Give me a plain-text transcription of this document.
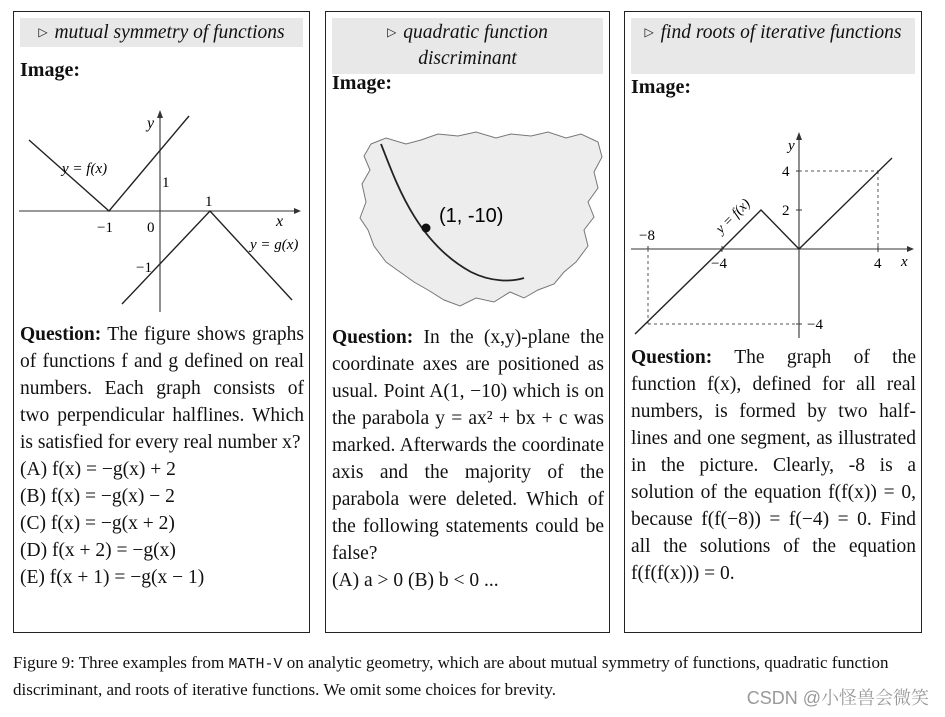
▷ mutual symmetry of functions
Image:
y
x
y = f(x)
y = g(x)
−1 0
1
1
−1
Question: The figure shows graphs of functions f and g defined on real numbers. Each graph consists of two perpendicular halflines. Which is satisfied for every real number x?
(A) f(x) = −g(x) + 2
(B) f(x) = −g(x) − 2
(C) f(x) = −g(x + 2)
(D) f(x + 2) = −g(x)
(E) f(x + 1) = −g(x − 1)
▷ quadratic function discriminant
Image:
(1, -10)
Question: In the (x,y)-plane the coordinate axes are positioned as usual. Point A(1, −10) which is on the parabola y = ax² + bx + c was marked. Afterwards the coordinate axis and the majority of the parabola were deleted. Which of the following statements could be false?
(A) a > 0 (B) b < 0 ...
▷ find roots of iterative functions
Image:
y
x
y = f(x)
−8
−4	4
4
2
−4
Question: The graph of the function f(x), defined for all real numbers, is formed by two half-lines and one segment, as illustrated in the picture. Clearly, -8 is a solution of the equation f(f(x)) = 0, because f(f(−8)) = f(−4) = 0. Find all the solutions of the equation f(f(f(x))) = 0.
Figure 9: Three examples from MATH-V on analytic geometry, which are about mutual symmetry of functions, quadratic function discriminant, and roots of iterative functions. We omit some choices for brevity.	CSDN @小怪兽会微笑
